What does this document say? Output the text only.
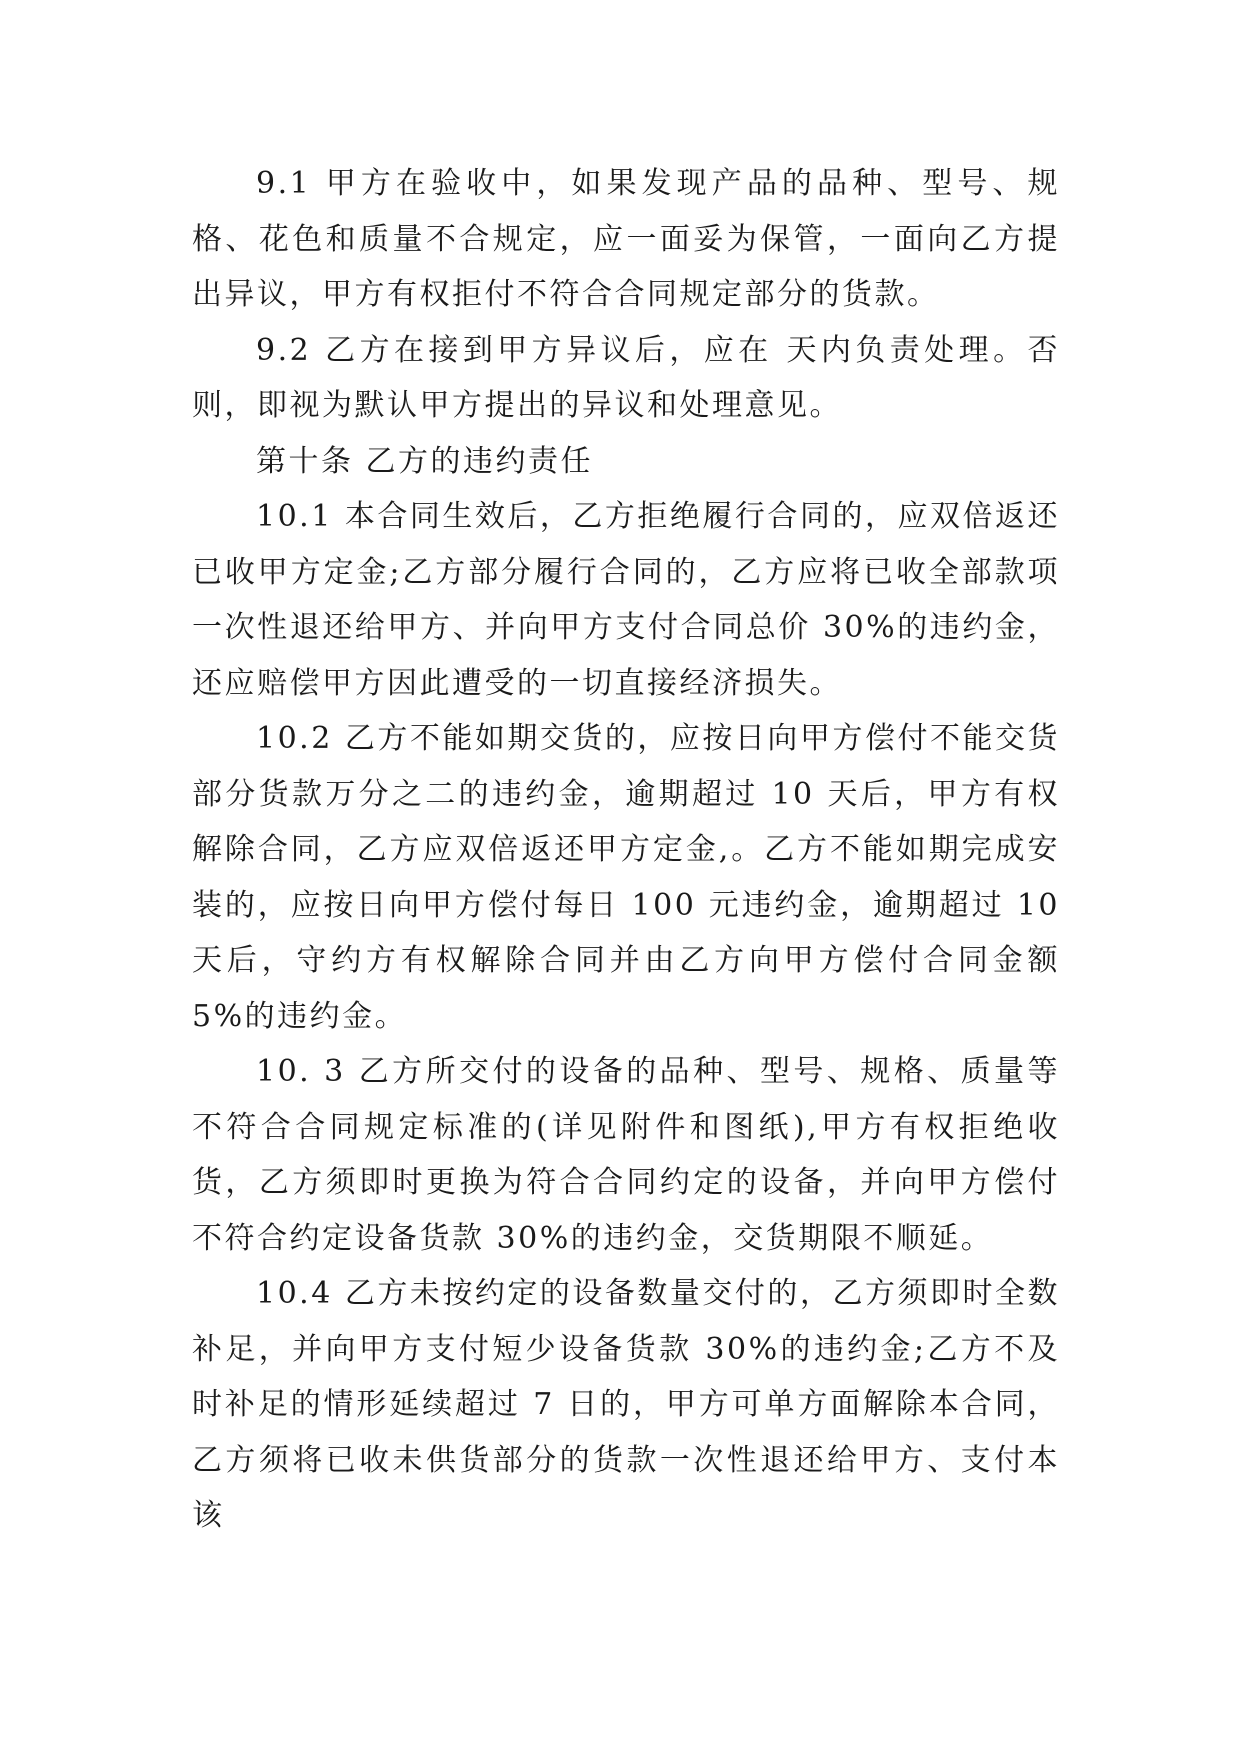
9.1 甲方在验收中，如果发现产品的品种、型号、规格、花色和质量不合规定，应一面妥为保管，一面向乙方提出异议，甲方有权拒付不符合合同规定部分的货款。

9.2 乙方在接到甲方异议后，应在 天内负责处理。否则，即视为默认甲方提出的异议和处理意见。

第十条 乙方的违约责任

10.1 本合同生效后，乙方拒绝履行合同的，应双倍返还已收甲方定金;乙方部分履行合同的，乙方应将已收全部款项一次性退还给甲方、并向甲方支付合同总价 30%的违约金，还应赔偿甲方因此遭受的一切直接经济损失。

10.2 乙方不能如期交货的，应按日向甲方偿付不能交货部分货款万分之二的违约金，逾期超过 10 天后，甲方有权解除合同，乙方应双倍返还甲方定金,。乙方不能如期完成安装的，应按日向甲方偿付每日 100 元违约金，逾期超过 10 天后，守约方有权解除合同并由乙方向甲方偿付合同金额 5%的违约金。

10. 3 乙方所交付的设备的品种、型号、规格、质量等不符合合同规定标准的(详见附件和图纸),甲方有权拒绝收货，乙方须即时更换为符合合同约定的设备，并向甲方偿付不符合约定设备货款 30%的违约金，交货期限不顺延。

10.4 乙方未按约定的设备数量交付的，乙方须即时全数补足，并向甲方支付短少设备货款 30%的违约金;乙方不及时补足的情形延续超过 7 日的，甲方可单方面解除本合同，乙方须将已收未供货部分的货款一次性退还给甲方、支付本该
